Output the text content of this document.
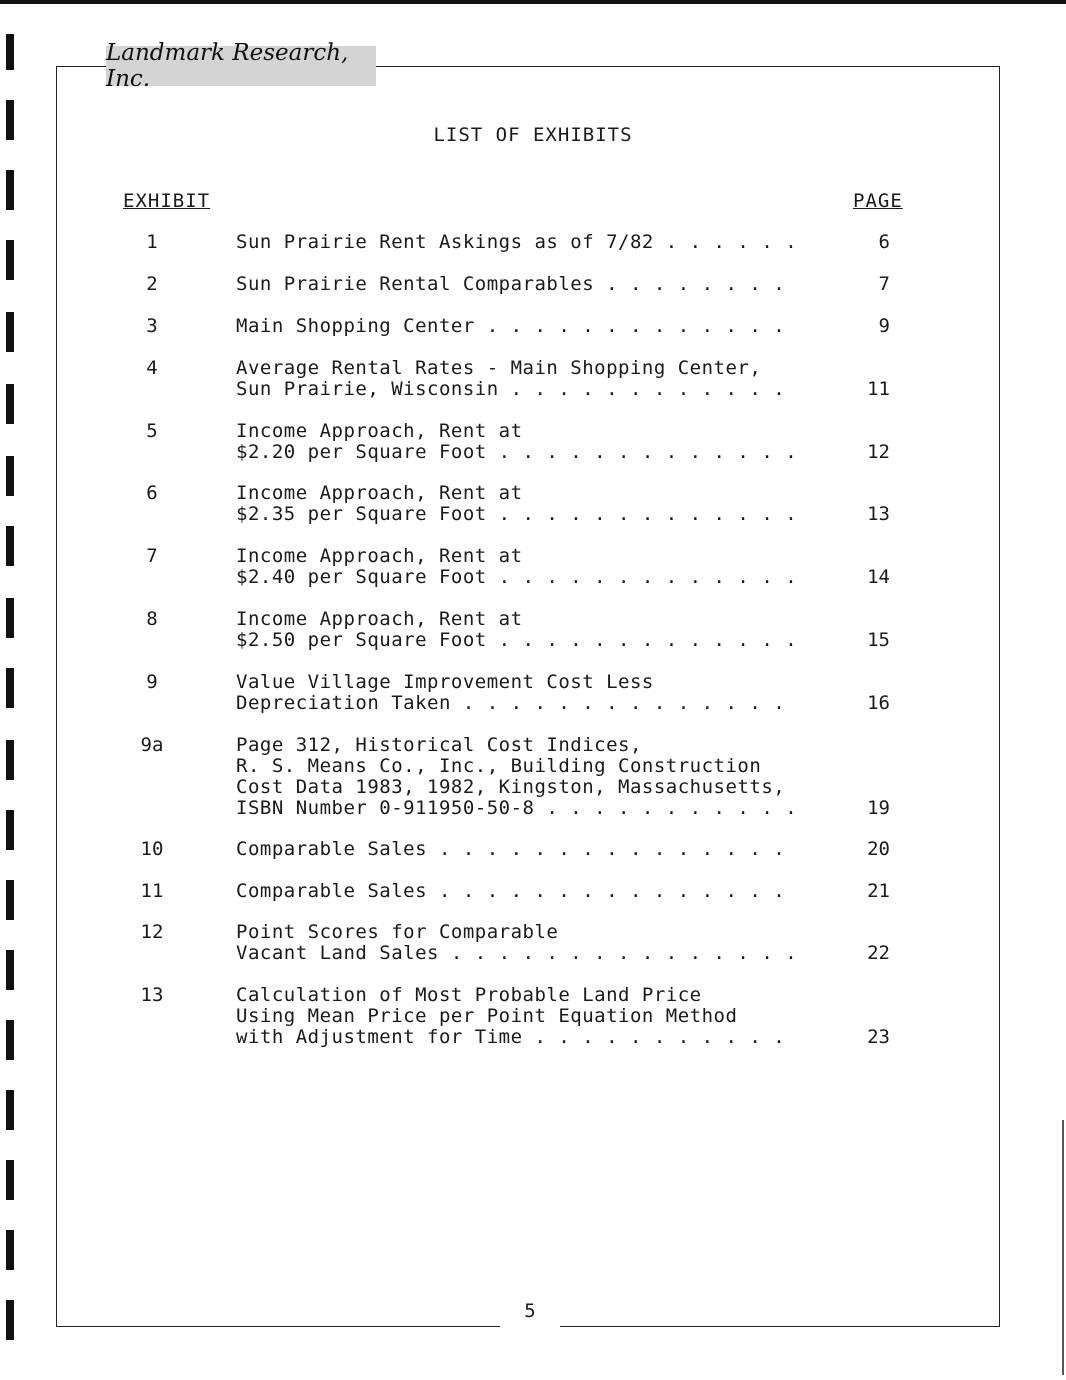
Landmark Research, Inc.
LIST OF EXHIBITS
EXHIBIT	PAGE
1	Sun Prairie Rent Askings as of 7/82 . . . . . .	6
2	Sun Prairie Rental Comparables . . . . . . . .	7
3	Main Shopping Center . . . . . . . . . . . . .	9
4	Average Rental Rates - Main Shopping Center,
Sun Prairie, Wisconsin . . . . . . . . . . . .	11
5	Income Approach, Rent at
$2.20 per Square Foot . . . . . . . . . . . . .	12
6	Income Approach, Rent at
$2.35 per Square Foot . . . . . . . . . . . . .	13
7	Income Approach, Rent at
$2.40 per Square Foot . . . . . . . . . . . . .	14
8	Income Approach, Rent at
$2.50 per Square Foot . . . . . . . . . . . . .	15
9	Value Village Improvement Cost Less
Depreciation Taken . . . . . . . . . . . . . .	16
9a	Page 312, Historical Cost Indices,
R. S. Means Co., Inc., Building Construction
Cost Data 1983, 1982, Kingston, Massachusetts,
ISBN Number 0-911950-50-8 . . . . . . . . . . .	19
10	Comparable Sales . . . . . . . . . . . . . . .	20
11	Comparable Sales . . . . . . . . . . . . . . .	21
12	Point Scores for Comparable
Vacant Land Sales . . . . . . . . . . . . . . .	22
13	Calculation of Most Probable Land Price
Using Mean Price per Point Equation Method
with Adjustment for Time . . . . . . . . . . .	23
5
